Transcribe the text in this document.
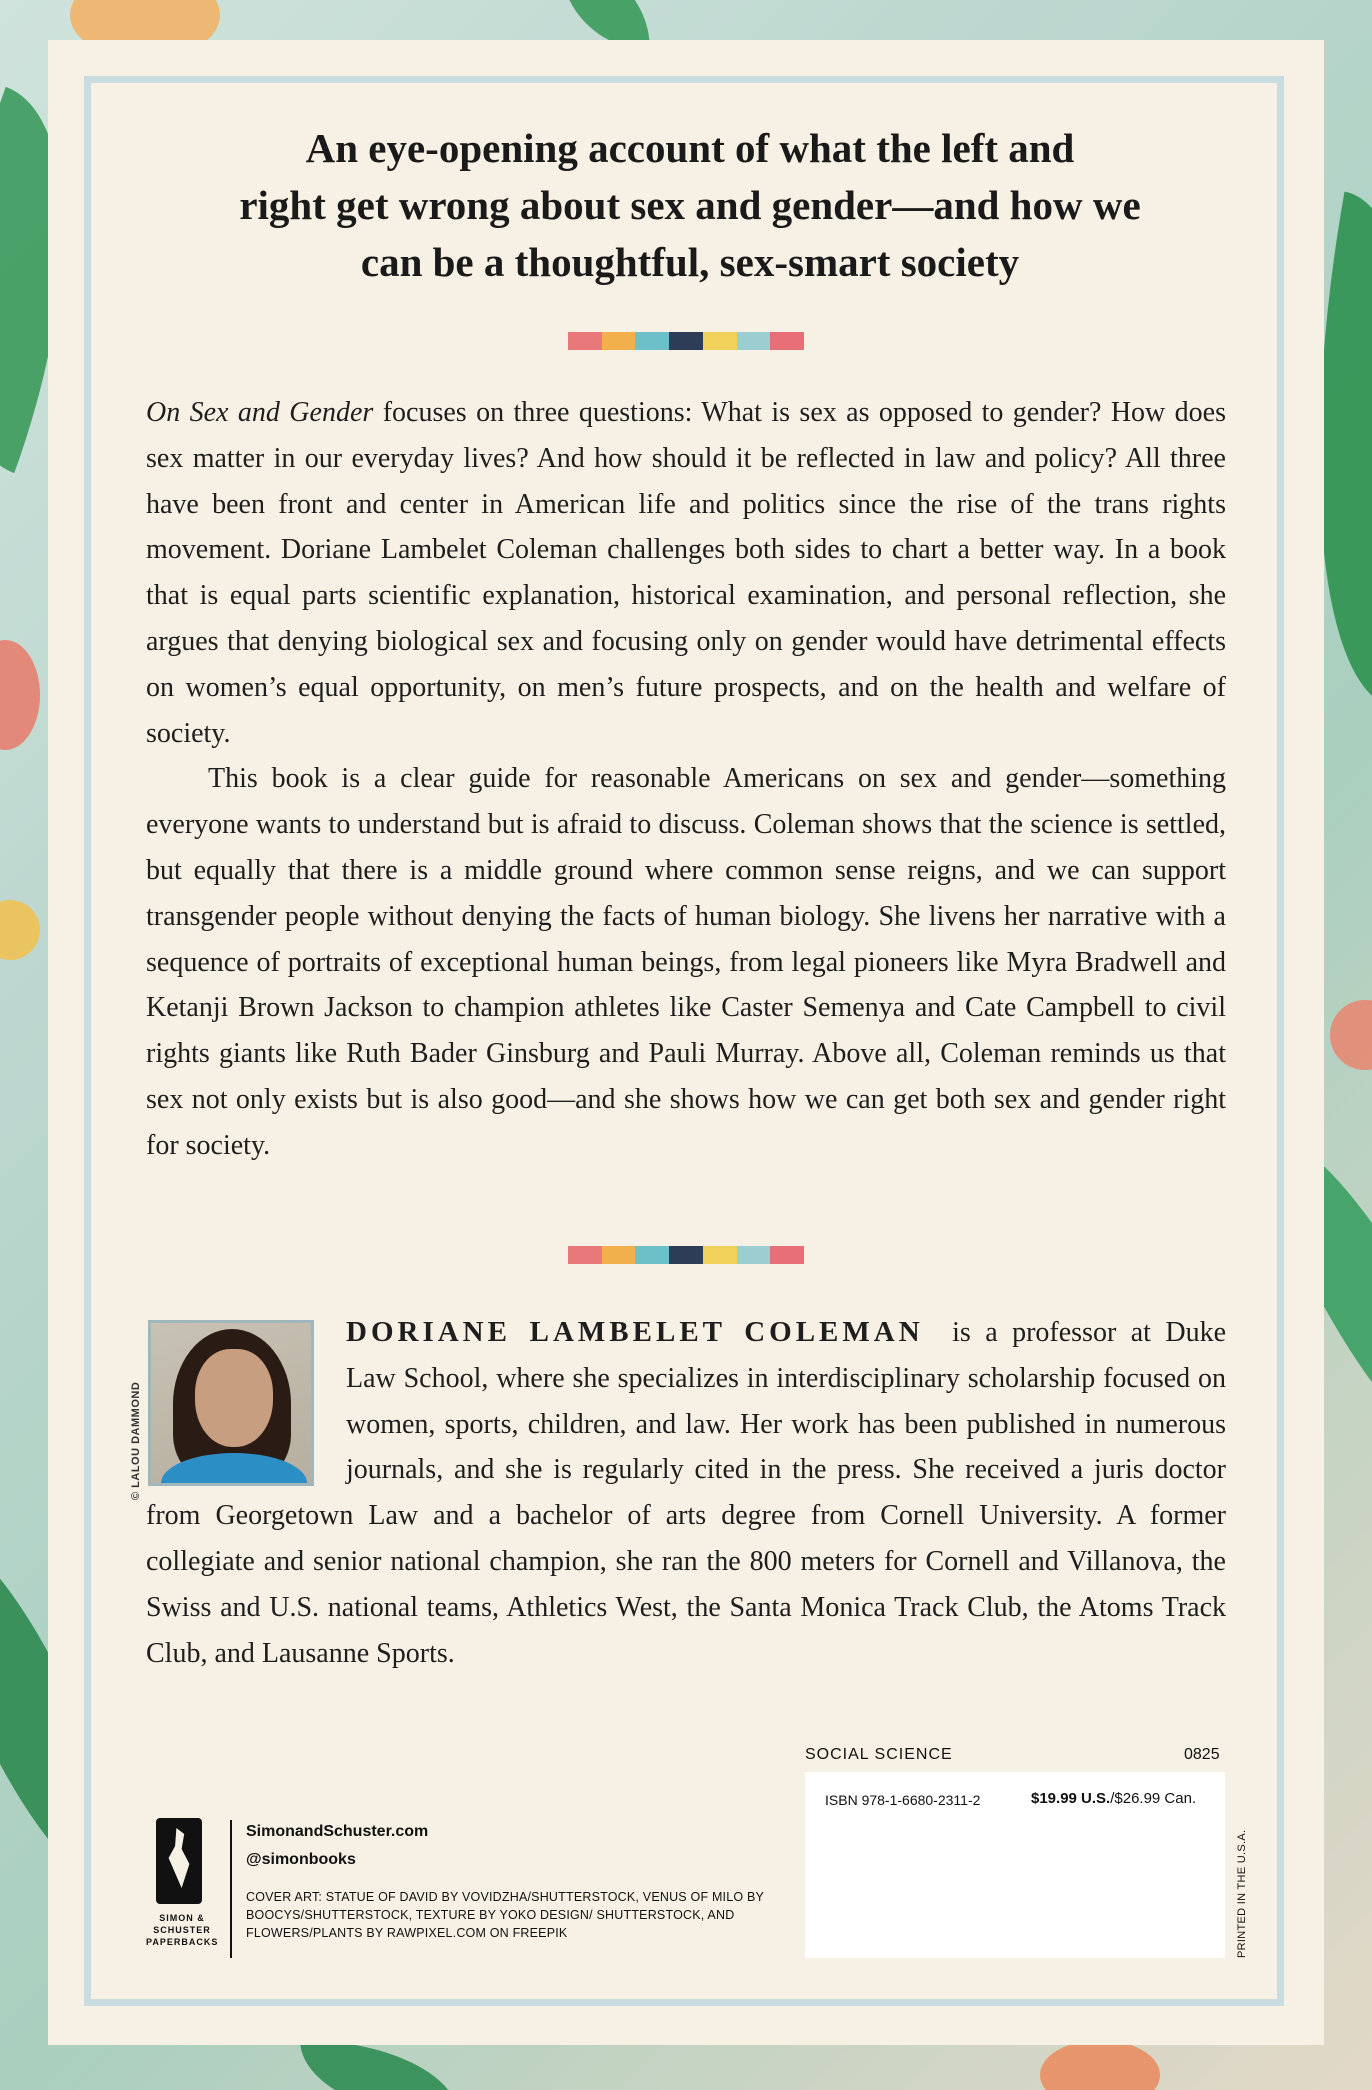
An eye-opening account of what the left and
right get wrong about sex and gender—and how we
can be a thoughtful, sex-smart society

On Sex and Gender focuses on three questions: What is sex as opposed to gender? How does sex matter in our everyday lives? And how should it be reflected in law and policy? All three have been front and center in American life and politics since the rise of the trans rights movement. Doriane Lambelet Coleman challenges both sides to chart a better way. In a book that is equal parts scientific explanation, historical examination, and personal reflection, she argues that denying biological sex and focusing only on gender would have detrimental effects on women’s equal opportunity, on men’s future prospects, and on the health and welfare of society.

This book is a clear guide for reasonable Americans on sex and gender—something everyone wants to understand but is afraid to discuss. Coleman shows that the science is settled, but equally that there is a middle ground where common sense reigns, and we can support transgender people without denying the facts of human biology. She livens her narrative with a sequence of portraits of exceptional human beings, from legal pioneers like Myra Bradwell and Ketanji Brown Jackson to champion athletes like Caster Semenya and Cate Campbell to civil rights giants like Ruth Bader Ginsburg and Pauli Murray. Above all, Coleman reminds us that sex not only exists but is also good—and she shows how we can get both sex and gender right for society.

© LALOU DAMMOND
DORIANE LAMBELET COLEMAN is a professor at Duke Law School, where she specializes in interdisciplinary scholarship focused on women, sports, children, and law. Her work has been published in numerous journals, and she is regularly cited in the press. She received a juris doctor from Georgetown Law and a bachelor of arts degree from Cornell University. A former collegiate and senior national champion, she ran the 800 meters for Cornell and Villanova, the Swiss and U.S. national teams, Athletics West, the Santa Monica Track Club, the Atoms Track Club, and Lausanne Sports.
SIMON &
SCHUSTER
PAPERBACKS
SimonandSchuster.com
@simonbooks
COVER ART: STATUE OF DAVID BY VOVIDZHA/SHUTTERSTOCK, VENUS OF MILO BY BOOCYS/SHUTTERSTOCK, TEXTURE BY YOKO DESIGN/ SHUTTERSTOCK, AND FLOWERS/PLANTS BY RAWPIXEL.COM ON FREEPIK
SOCIAL SCIENCE	0825
ISBN 978-1-6680-2311-2	$19.99 U.S./$26.99 Can.
PRINTED IN THE U.S.A.
